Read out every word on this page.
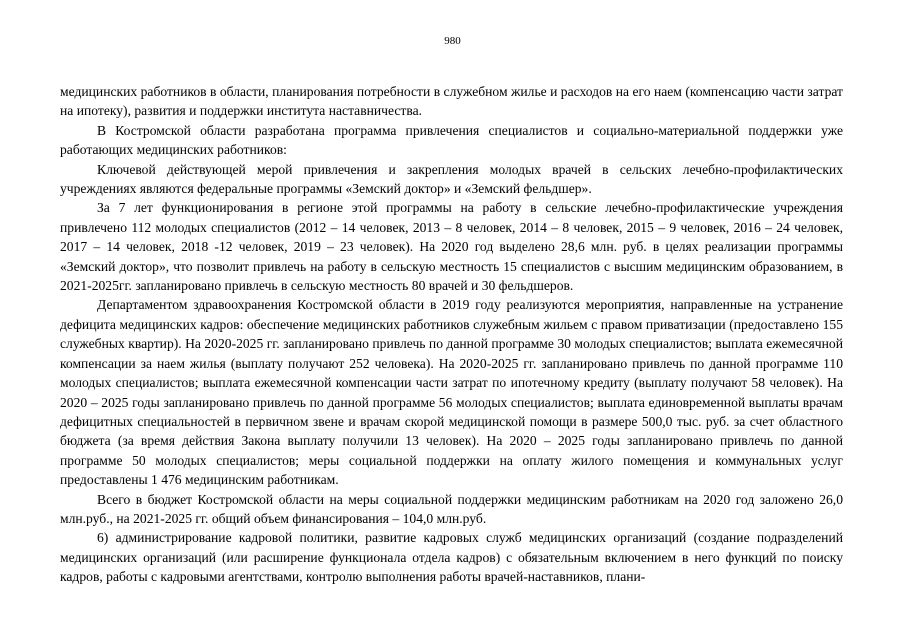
980

медицинских работников в области, планирования потребности в служебном жилье и расходов на его наем (компенсацию части затрат на ипотеку), развития и поддержки института наставничества.

В Костромской области разработана программа привлечения специалистов и социально-материальной поддержки уже работающих медицинских работников:

Ключевой действующей мерой привлечения и закрепления молодых врачей в сельских лечебно-профилактических учреждениях являются федеральные программы «Земский доктор» и «Земский фельдшер».

За 7 лет функционирования в регионе этой программы на работу в сельские лечебно-профилактические учреждения привлечено 112 молодых специалистов (2012 – 14 человек, 2013 – 8 человек, 2014 – 8 человек, 2015 – 9 человек, 2016 – 24 человек, 2017 – 14 человек, 2018 -12 человек, 2019 – 23 человек). На 2020 год выделено 28,6 млн. руб. в целях реализации программы «Земский доктор», что позволит привлечь на работу в сельскую местность 15 специалистов с высшим медицинским образованием, в 2021-2025гг. запланировано привлечь в сельскую местность 80 врачей и 30 фельдшеров.

Департаментом здравоохранения Костромской области в 2019 году реализуются мероприятия, направленные на устранение дефицита медицинских кадров: обеспечение медицинских работников служебным жильем с правом приватизации (предоставлено 155 служебных квартир). На 2020-2025 гг. запланировано привлечь по данной программе 30 молодых специалистов; выплата ежемесячной компенсации за наем жилья (выплату получают 252 человека). На 2020-2025 гг. запланировано привлечь по данной программе 110 молодых специалистов; выплата ежемесячной компенсации части затрат по ипотечному кредиту (выплату получают 58 человек). На 2020 – 2025 годы запланировано привлечь по данной программе 56 молодых специалистов; выплата единовременной выплаты врачам дефицитных специальностей в первичном звене и врачам скорой медицинской помощи в размере 500,0 тыс. руб. за счет областного бюджета (за время действия Закона выплату получили 13 человек). На 2020 – 2025 годы запланировано привлечь по данной программе 50 молодых специалистов; меры социальной поддержки на оплату жилого помещения и коммунальных услуг предоставлены 1 476 медицинским работникам.

Всего в бюджет Костромской области на меры социальной поддержки медицинским работникам на 2020 год заложено 26,0 млн.руб., на 2021-2025 гг. общий объем финансирования – 104,0 млн.руб.

6) администрирование кадровой политики, развитие кадровых служб медицинских организаций (создание подразделений медицинских организаций (или расширение функционала отдела кадров) с обязательным включением в него функций по поиску кадров, работы с кадровыми агентствами, контролю выполнения работы врачей-наставников, плани-
